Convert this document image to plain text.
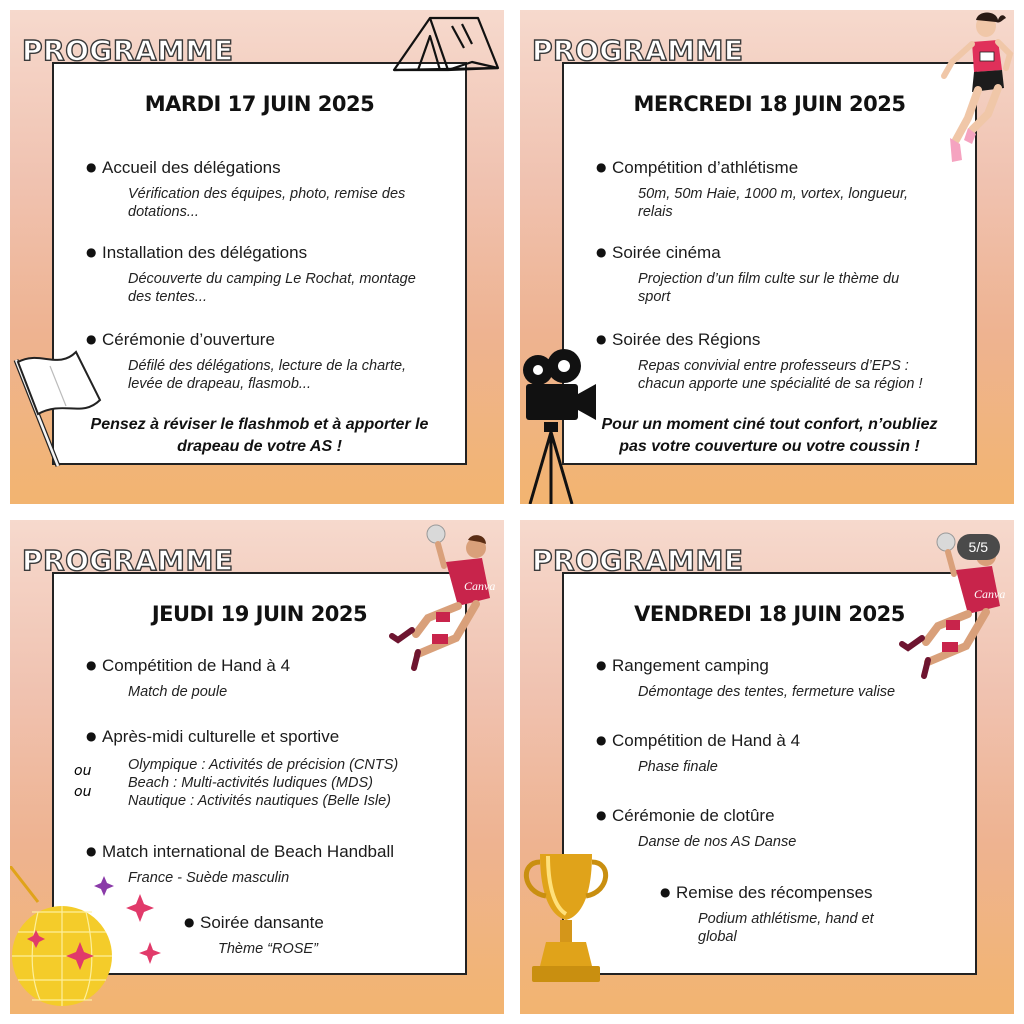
PROGRAMME
MARDI 17 JUIN 2025
● Accueil des délégations
Vérification des équipes, photo, remise des
dotations...
● Installation des délégations
Découverte du camping Le Rochat, montage
des tentes...
● Cérémonie d’ouverture
Défilé des délégations, lecture de la charte,
levée de drapeau, flasmob...
Pensez à réviser le flashmob et à apporter le
drapeau de votre AS !
PROGRAMME
MERCREDI 18 JUIN 2025
● Compétition d’athlétisme
50m, 50m Haie, 1000 m, vortex, longueur,
relais
● Soirée cinéma
Projection d’un film culte sur le thème du
sport
● Soirée des Régions
Repas convivial entre professeurs d’EPS :
chacun apporte une spécialité de sa région !
Pour un moment ciné tout confort, n’oubliez
pas votre couverture ou votre coussin !
PROGRAMME
JEUDI 19 JUIN 2025
● Compétition de Hand à 4
Match de poule
● Après-midi culturelle et sportive
ou
ou
Olympique : Activités de précision (CNTS)
Beach : Multi-activités ludiques (MDS)
Nautique : Activités nautiques (Belle Isle)
● Match international de Beach Handball
France - Suède masculin
● Soirée dansante
Thème “ROSE”
Canva
PROGRAMME	5/5
VENDREDI 18 JUIN 2025
● Rangement camping
Démontage des tentes, fermeture valise
● Compétition de Hand à 4
Phase finale
● Cérémonie de clotûre
Danse de nos AS Danse
● Remise des récompenses
Podium athlétisme, hand et
global
Canva
